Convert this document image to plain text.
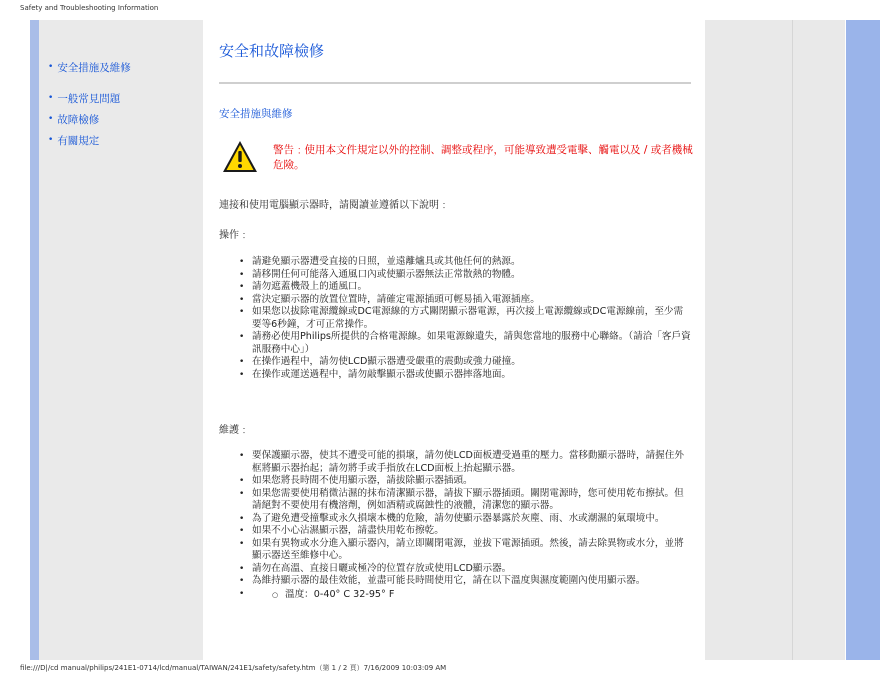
Safety and Troubleshooting Information
• 安全措施及維修
• 一般常見問題
• 故障檢修
• 有關規定
安全和故障檢修
安全措施與維修
警告﹕使用本文件規定以外的控制、調整或程序，可能導致遭受電擊、觸電以及 / 或者機械危險。
連接和使用電腦顯示器時，請閱讀並遵循以下說明﹕
操作﹕
• 請避免顯示器遭受直接的日照，並遠離爐具或其他任何的熱源。
• 請移開任何可能落入通風口內或使顯示器無法正常散熱的物體。
• 請勿遮蓋機殼上的通風口。
• 當決定顯示器的放置位置時，請確定電源插頭可輕易插入電源插座。
• 如果您以拔除電源纜線或DC電源線的方式關閉顯示器電源，再次接上電源纜線或DC電源線前，至少需要等6秒鐘，才可正常操作。
• 請務必使用Philips所提供的合格電源線。如果電源線遺失，請與您當地的服務中心聯絡。（請洽「客戶資訊服務中心」）
• 在操作過程中，請勿使LCD顯示器遭受嚴重的震動或強力碰撞。
• 在操作或運送過程中，請勿敲擊顯示器或使顯示器摔落地面。
維護﹕
• 要保護顯示器，使其不遭受可能的損壞，請勿使LCD面板遭受過重的壓力。當移動顯示器時，請握住外框將顯示器抬起；請勿將手或手指放在LCD面板上抬起顯示器。
• 如果您將長時間不使用顯示器，請拔除顯示器插頭。
• 如果您需要使用稍微沾濕的抹布清潔顯示器，請拔下顯示器插頭。關閉電源時，您可使用乾布擦拭。但請絕對不要使用有機溶劑，例如酒精或腐蝕性的液體，清潔您的顯示器。
• 為了避免遭受撞擊或永久損壞本機的危險，請勿使顯示器暴露於灰塵、雨、水或潮濕的氣環境中。
• 如果不小心沾濕顯示器，請盡快用乾布擦乾。
• 如果有異物或水分進入顯示器內，請立即關閉電源，並拔下電源插頭。然後，請去除異物或水分，並將顯示器送至維修中心。
• 請勿在高溫、直接日曬或極冷的位置存放或使用LCD顯示器。
• 為維持顯示器的最佳效能，並盡可能長時間使用它，請在以下溫度與濕度範圍內使用顯示器。
○ • 溫度：0-40° C 32-95° F
file:///D|/cd manual/philips/241E1-0714/lcd/manual/TAIWAN/241E1/safety/safety.htm（第 1 / 2 頁）7/16/2009 10:03:09 AM
